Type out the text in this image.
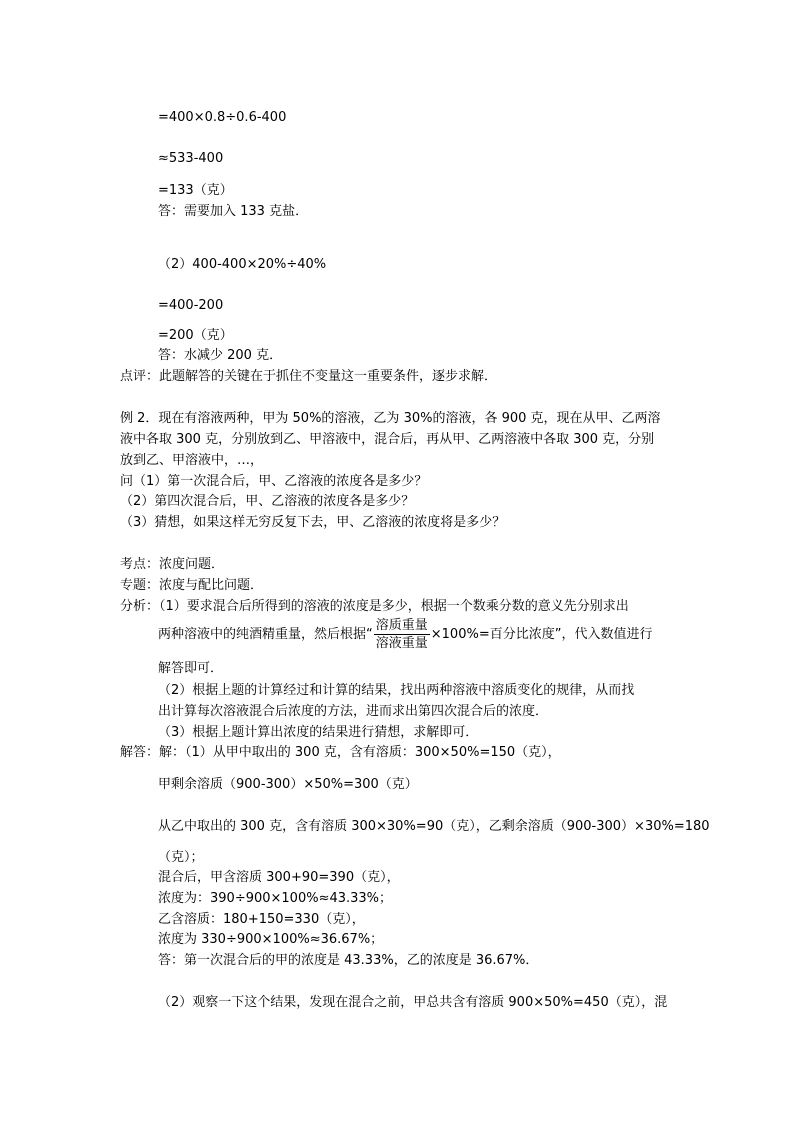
=400×0.8÷0.6-400
≈533-400
=133（克）
答：需要加入 133 克盐．
（2）400-400×20%÷40%
=400-200
=200（克）
答：水减少 200 克．
点评：此题解答的关键在于抓住不变量这一重要条件，逐步求解．
例 2．现在有溶液两种，甲为 50%的溶液，乙为 30%的溶液，各 900 克，现在从甲、乙两溶
液中各取 300 克，分别放到乙、甲溶液中，混合后，再从甲、乙两溶液中各取 300 克，分别
放到乙、甲溶液中，…，
问（1）第一次混合后，甲、乙溶液的浓度各是多少？
（2）第四次混合后，甲、乙溶液的浓度各是多少？
（3）猜想，如果这样无穷反复下去，甲、乙溶液的浓度将是多少？
考点：浓度问题．
专题：浓度与配比问题．
分析：（1）要求混合后所得到的溶液的浓度是多少，根据一个数乘分数的意义先分别求出
两种溶液中的纯酒精重量，然后根据“ $\frac{\text{溶质重量}}{\text{溶液重量}} \times 100\%=$百分比浓度”，代入数值进行
解答即可．
（2）根据上题的计算经过和计算的结果，找出两种溶液中溶质变化的规律，从而找
出计算每次溶液混合后浓度的方法，进而求出第四次混合后的浓度．
（3）根据上题计算出浓度的结果进行猜想，求解即可．
解答：解：（1）从甲中取出的 300 克，含有溶质：300×50%=150（克），
甲剩余溶质（900-300）×50%=300（克）
从乙中取出的 300 克，含有溶质 300×30%=90（克），乙剩余溶质（900-300）×30%=180
（克）；
混合后，甲含溶质 300+90=390（克），
浓度为：390÷900×100%≈43.33%；
乙含溶质：180+150=330（克），
浓度为 330÷900×100%≈36.67%；
答：第一次混合后的甲的浓度是 43.33%，乙的浓度是 36.67%．
（2）观察一下这个结果，发现在混合之前，甲总共含有溶质 900×50%=450（克），混
